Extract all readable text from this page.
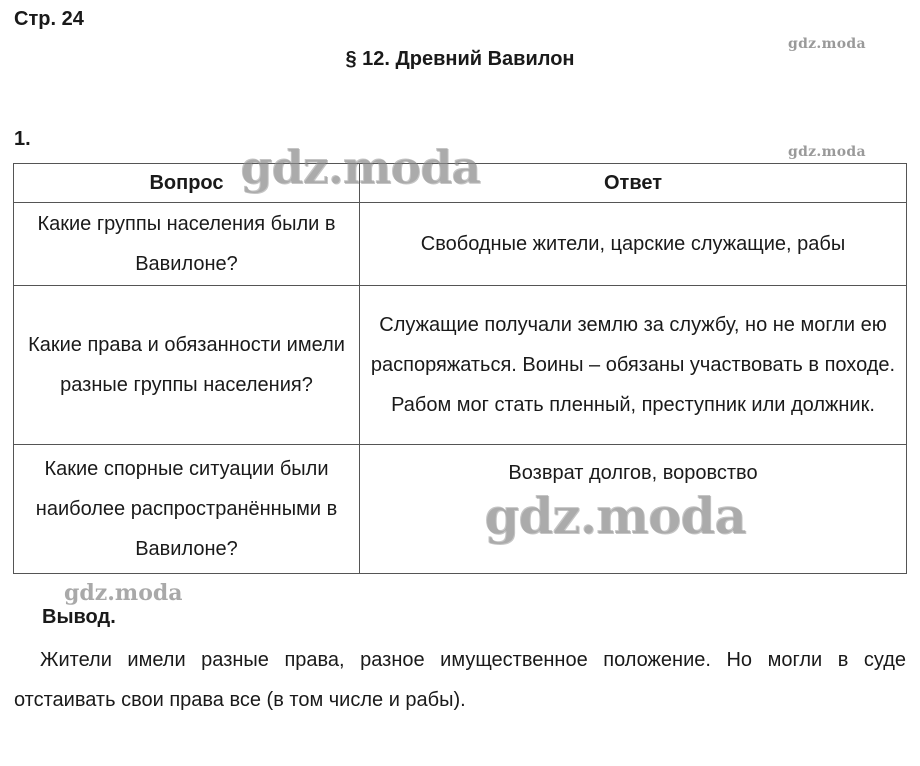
Стр. 24
§ 12. Древний Вавилон
1.
Вопрос	Ответ
Какие группы населения были в Вавилоне?	Свободные жители, царские служащие, рабы
Какие права и обязанности имели разные группы населения?	Служащие получали землю за службу, но не могли ею распоряжаться. Воины – обязаны участвовать в походе. Рабом мог стать пленный, преступник или должник.
Какие спорные ситуации были наиболее распространёнными в Вавилоне?	Возврат долгов, воровство
Вывод.
Жители имели разные права, разное имущественное положение. Но могли в суде отстаивать свои права все (в том числе и рабы).
gdz.moda
gdz.moda
gdz.moda
gdz.moda
gdz.moda
